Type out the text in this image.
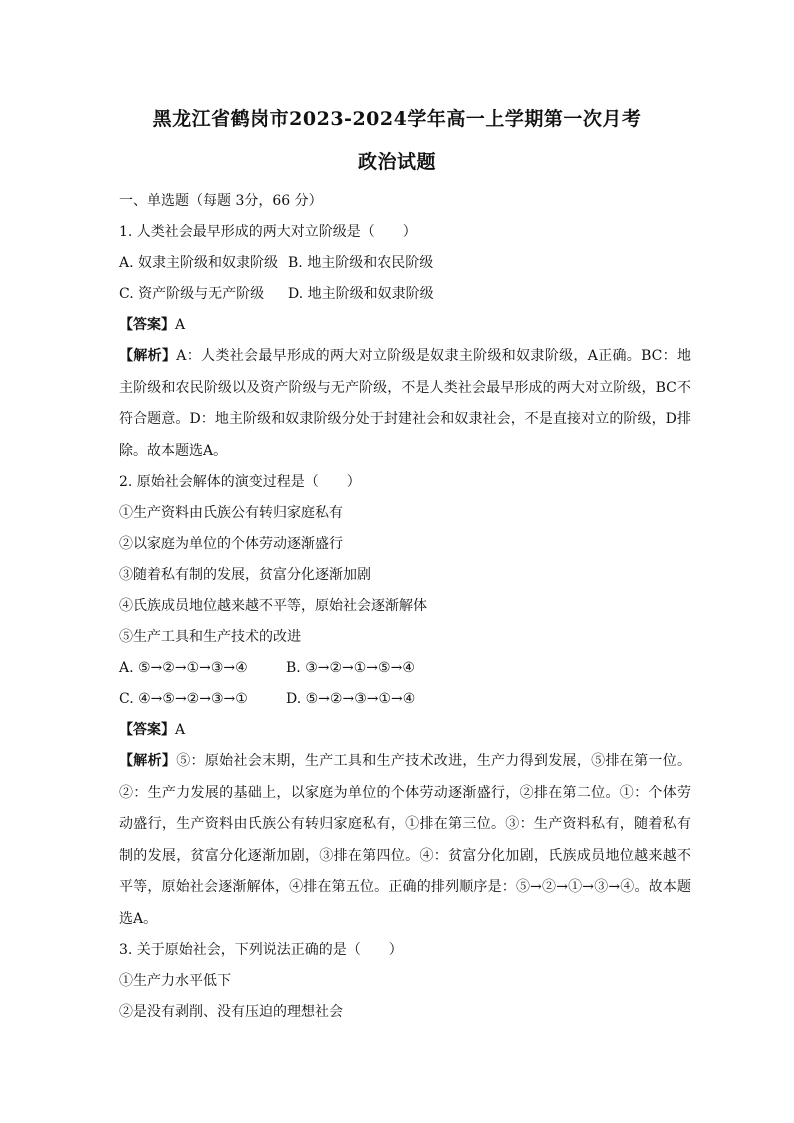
黑龙江省鹤岗市2023-2024学年高一上学期第一次月考
政治试题
一、单选题（每题 3分，66 分）
1. 人类社会最早形成的两大对立阶级是（　　）
A. 奴隶主阶级和奴隶阶级 B. 地主阶级和农民阶级
C. 资产阶级与无产阶级	D. 地主阶级和奴隶阶级
【答案】A
【解析】A：人类社会最早形成的两大对立阶级是奴隶主阶级和奴隶阶级，A正确。BC：地主阶级和农民阶级以及资产阶级与无产阶级，不是人类社会最早形成的两大对立阶级，BC不符合题意。D：地主阶级和奴隶阶级分处于封建社会和奴隶社会，不是直接对立的阶级，D排除。故本题选A。
2. 原始社会解体的演变过程是（　　）
①生产资料由氏族公有转归家庭私有
②以家庭为单位的个体劳动逐渐盛行
③随着私有制的发展，贫富分化逐渐加剧
④氏族成员地位越来越不平等，原始社会逐渐解体
⑤生产工具和生产技术的改进
A. ⑤→②→①→③→④	B. ③→②→①→⑤→④
C. ④→⑤→②→③→①	D. ⑤→②→③→①→④
【答案】A
【解析】⑤：原始社会末期，生产工具和生产技术改进，生产力得到发展，⑤排在第一位。②：生产力发展的基础上，以家庭为单位的个体劳动逐渐盛行，②排在第二位。①：个体劳动盛行，生产资料由氏族公有转归家庭私有，①排在第三位。③：生产资料私有，随着私有制的发展，贫富分化逐渐加剧，③排在第四位。④：贫富分化加剧，氏族成员地位越来越不平等，原始社会逐渐解体，④排在第五位。正确的排列顺序是：⑤→②→①→③→④。故本题选A。
3. 关于原始社会，下列说法正确的是（　　）
①生产力水平低下
②是没有剥削、没有压迫的理想社会
